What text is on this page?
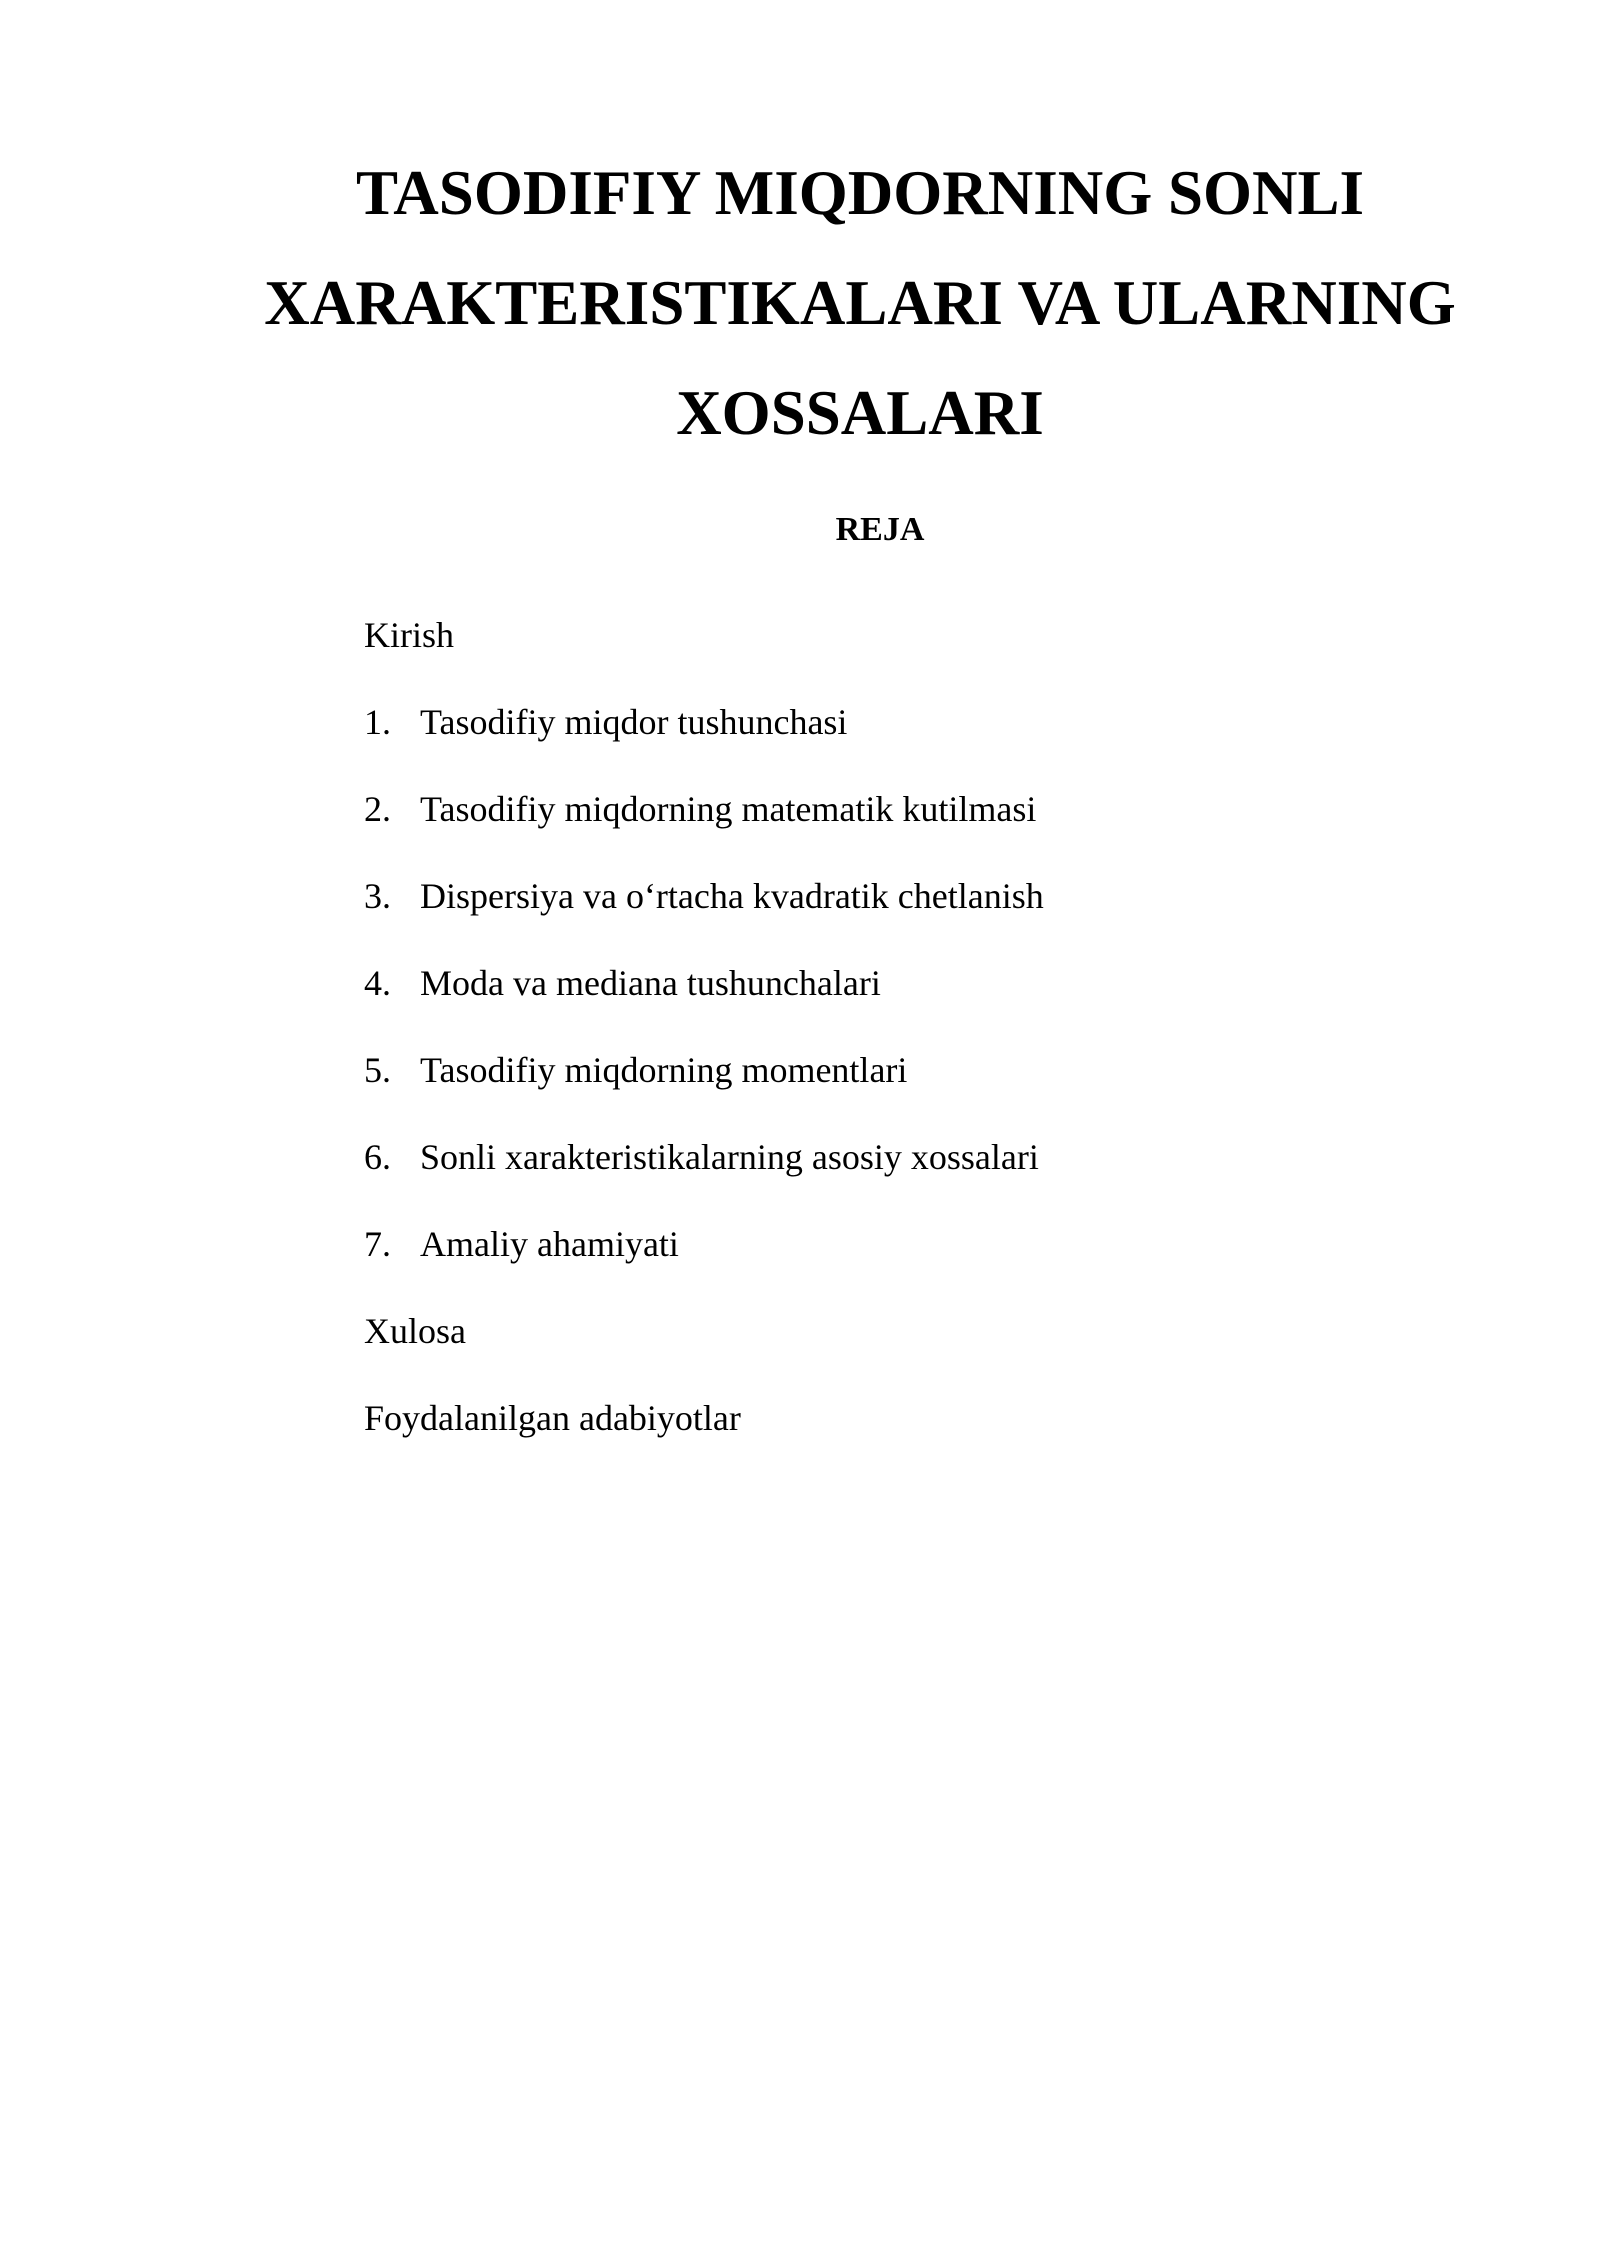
TASODIFIY MIQDORNING SONLI
XARAKTERISTIKALARI VA ULARNING
XOSSALARI
REJA
Kirish
1. Tasodifiy miqdor tushunchasi
2. Tasodifiy miqdorning matematik kutilmasi
3. Dispersiya va o‘rtacha kvadratik chetlanish
4. Moda va mediana tushunchalari
5. Tasodifiy miqdorning momentlari
6. Sonli xarakteristikalarning asosiy xossalari
7. Amaliy ahamiyati
Xulosa
Foydalanilgan adabiyotlar
